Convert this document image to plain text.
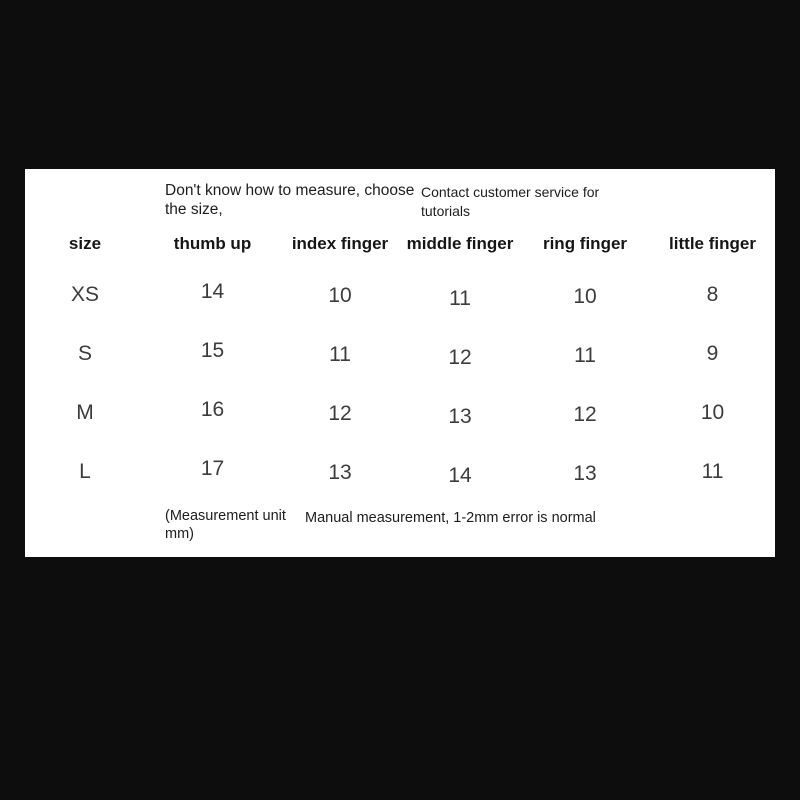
Don't know how to measure, choose the size,
Contact customer service for tutorials
size	thumb up	index finger	middle finger	ring finger	little finger
XS	14	10	11	10	8
S	15	11	12	11	9
M	16	12	13	12	10
L	17	13	14	13	11
(Measurement unit mm)
Manual measurement, 1-2mm error is normal
